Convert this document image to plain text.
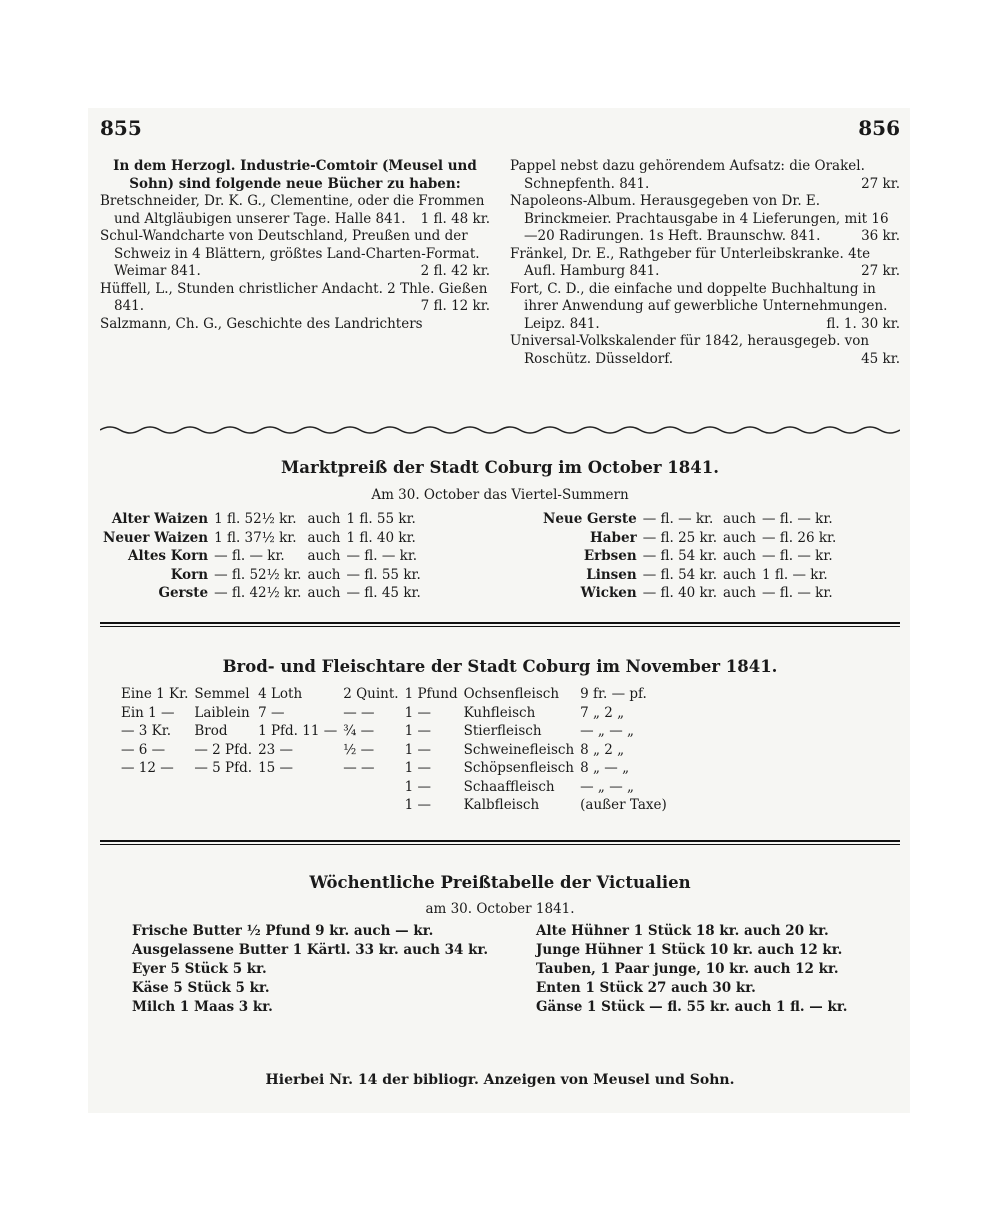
855	856

In dem Herzogl. Industrie-Comtoir (Meusel und Sohn) sind folgende neue Bücher zu haben:

Bretschneider, Dr. K. G., Clementine, oder die Frommen und Altgläubigen unserer Tage. Halle 841. 1 fl. 48 kr.

Schul-Wandcharte von Deutschland, Preußen und der Schweiz in 4 Blättern, größtes Land-Charten-Format. Weimar 841.	2 fl. 42 kr.

Hüffell, L., Stunden christlicher Andacht. 2 Thle. Gießen 841.	7 fl. 12 kr.

Salzmann, Ch. G., Geschichte des Landrichters

Pappel nebst dazu gehörendem Aufsatz: die Orakel. Schnepfenth. 841.	27 kr.

Napoleons-Album. Herausgegeben von Dr. E. Brinckmeier. Prachtausgabe in 4 Lieferungen, mit 16—20 Radirungen. 1s Heft. Braunschw. 841.	36 kr.

Fränkel, Dr. E., Rathgeber für Unterleibskranke. 4te Aufl. Hamburg 841.	27 kr.

Fort, C. D., die einfache und doppelte Buchhaltung in ihrer Anwendung auf gewerbliche Unternehmungen. Leipz. 841.	fl. 1. 30 kr.

Universal-Volkskalender für 1842, herausgegeb. von Roschütz. Düsseldorf.	45 kr.

Marktpreiß der Stadt Coburg im October 1841.
Am 30. October das Viertel-Summern
Alter Waizen	1 fl. 52½ kr.	auch	1 fl. 55 kr.
Neuer Waizen	1 fl. 37½ kr.	auch	1 fl. 40 kr.
Altes Korn	— fl. — kr.	auch	— fl. — kr.
Korn	— fl. 52½ kr.	auch	— fl. 55 kr.
Gerste	— fl. 42½ kr.	auch	— fl. 45 kr.
Neue Gerste	— fl. — kr.	auch	— fl. — kr.
Haber	— fl. 25 kr.	auch	— fl. 26 kr.
Erbsen	— fl. 54 kr.	auch	— fl. — kr.
Linsen	— fl. 54 kr.	auch	1 fl. — kr.
Wicken	— fl. 40 kr.	auch	— fl. — kr.
Brod- und Fleischtare der Stadt Coburg im November 1841.
Eine 1 Kr.	Semmel	4 Loth	2 Quint.	1 Pfund	Ochsenfleisch	9 fr. — pf.
Ein 1 —	Laiblein	7 —	— —	1 —	Kuhfleisch	7 „ 2 „
— 3 Kr.	Brod	1 Pfd. 11 —	¾ —	1 —	Stierfleisch	— „ — „
— 6 —	— 2 Pfd.	23 —	½ —	1 —	Schweinefleisch	8 „ 2 „
— 12 —	— 5 Pfd.	15 —	— —	1 —	Schöpsenfleisch	8 „ — „
				1 —	Schaaffleisch	— „ — „
				1 —	Kalbfleisch	(außer Taxe)
Wöchentliche Preißtabelle der Victualien
am 30. October 1841.
Frische Butter ½ Pfund 9 kr. auch — kr.
Ausgelassene Butter 1 Kärtl. 33 kr. auch 34 kr.
Eyer 5 Stück 5 kr.
Käse 5 Stück 5 kr.
Milch 1 Maas 3 kr.
Alte Hühner 1 Stück 18 kr. auch 20 kr.
Junge Hühner 1 Stück 10 kr. auch 12 kr.
Tauben, 1 Paar junge, 10 kr. auch 12 kr.
Enten 1 Stück 27 auch 30 kr.
Gänse 1 Stück — fl. 55 kr. auch 1 fl. — kr.
Hierbei Nr. 14 der bibliogr. Anzeigen von Meusel und Sohn.
